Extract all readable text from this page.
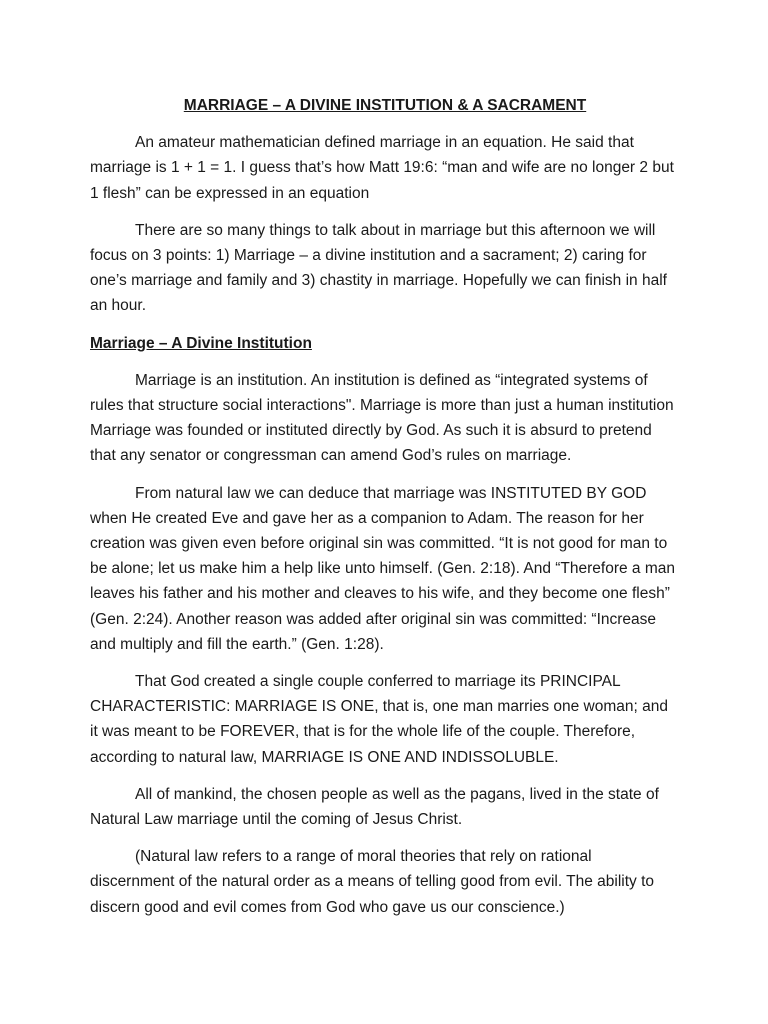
MARRIAGE – A DIVINE INSTITUTION & A SACRAMENT

An amateur mathematician defined marriage in an equation. He said that marriage is 1 + 1 = 1. I guess that’s how Matt 19:6: “man and wife are no longer 2 but 1 flesh” can be expressed in an equation

There are so many things to talk about in marriage but this afternoon we will focus on 3 points: 1) Marriage – a divine institution and a sacrament; 2) caring for one’s marriage and family and 3) chastity in marriage. Hopefully we can finish in half an hour.

Marriage – A Divine Institution

Marriage is an institution. An institution is defined as “integrated systems of rules that structure social interactions". Marriage is more than just a human institution Marriage was founded or instituted directly by God. As such it is absurd to pretend that any senator or congressman can amend God’s rules on marriage.

From natural law we can deduce that marriage was INSTITUTED BY GOD when He created Eve and gave her as a companion to Adam. The reason for her creation was given even before original sin was committed. “It is not good for man to be alone; let us make him a help like unto himself. (Gen. 2:18). And “Therefore a man leaves his father and his mother and cleaves to his wife, and they become one flesh” (Gen. 2:24). Another reason was added after original sin was committed: “Increase and multiply and fill the earth.” (Gen. 1:28).

That God created a single couple conferred to marriage its PRINCIPAL CHARACTERISTIC: MARRIAGE IS ONE, that is, one man marries one woman; and it was meant to be FOREVER, that is for the whole life of the couple. Therefore, according to natural law, MARRIAGE IS ONE AND INDISSOLUBLE.

All of mankind, the chosen people as well as the pagans, lived in the state of Natural Law marriage until the coming of Jesus Christ.

(Natural law refers to a range of moral theories that rely on rational discernment of the natural order as a means of telling good from evil. The ability to discern good and evil comes from God who gave us our conscience.)
